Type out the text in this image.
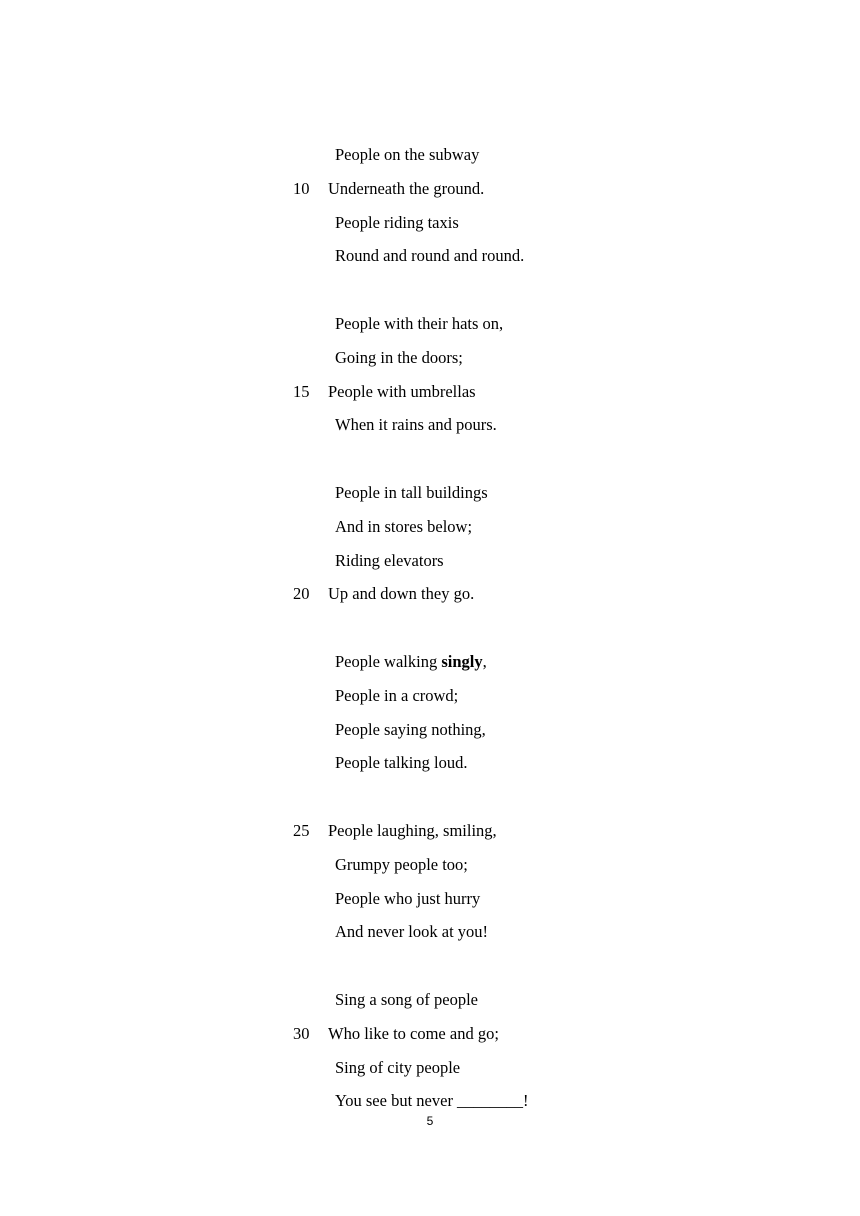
People on the subway
10 Underneath the ground.
People riding taxis
Round and round and round.
People with their hats on,
Going in the doors;
15 People with umbrellas
When it rains and pours.
People in tall buildings
And in stores below;
Riding elevators
20 Up and down they go.
People walking singly,
People in a crowd;
People saying nothing,
People talking loud.
25 People laughing, smiling,
Grumpy people too;
People who just hurry
And never look at you!
Sing a song of people
30 Who like to come and go;
Sing of city people
You see but never ________!
5
